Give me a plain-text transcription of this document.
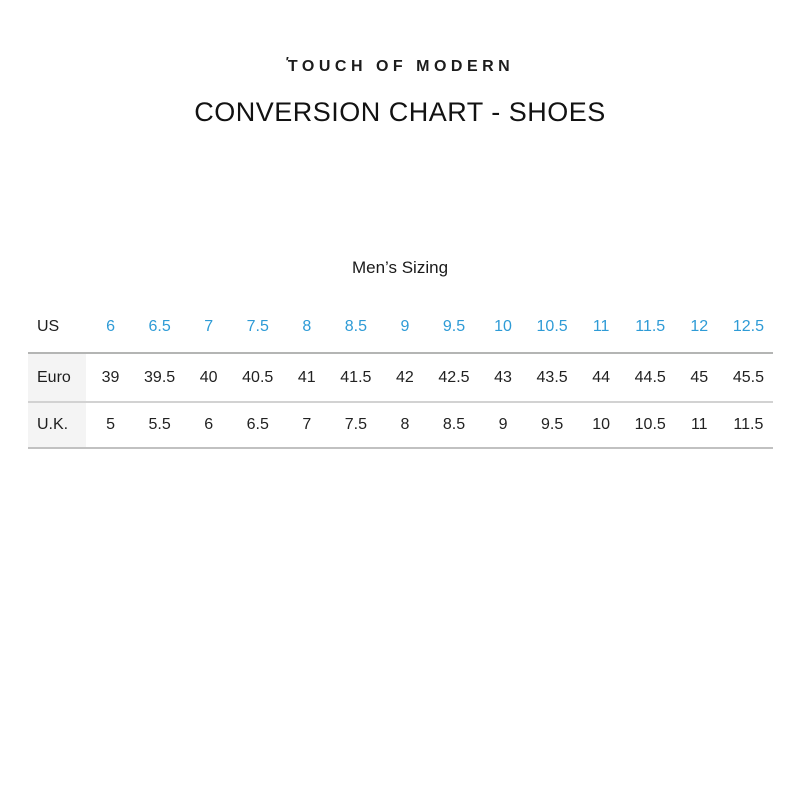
′TOUCH OF MODERN
CONVERSION CHART - SHOES
Men’s Sizing
US	6	6.5	7	7.5	8	8.5	9	9.5	10	10.5	11	11.5	12	12.5
Euro	39	39.5	40	40.5	41	41.5	42	42.5	43	43.5	44	44.5	45	45.5
U.K.	5	5.5	6	6.5	7	7.5	8	8.5	9	9.5	10	10.5	11	11.5
